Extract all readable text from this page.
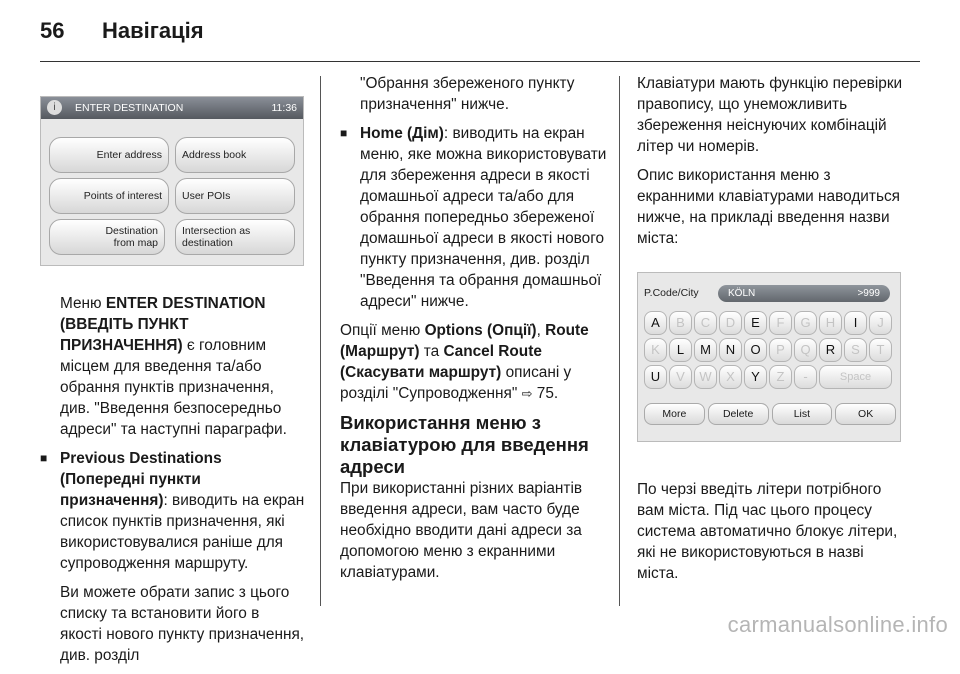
56 Навігація
i	ENTER DESTINATION	11:36
Enter address	Address book
Points of interest	User POIs
Destination from map
Intersection as destination

Меню ENTER DESTINATION (ВВЕДІТЬ ПУНКТ ПРИЗНАЧЕННЯ) є головним місцем для введення та/або обрання пунктів призначення, див. "Введення безпосередньо адреси" та наступні параграфи.

■ Previous Destinations (Попередні пункти призначення): виводить на екран список пунктів призначення, які використовувалися раніше для супроводження маршруту.

Ви можете обрати запис з цього списку та встановити його в якості нового пункту призначення, див. розділ

"Обрання збереженого пункту призначення" нижче.

■ Home (Дім): виводить на екран меню, яке можна використовувати для збереження адреси в якості домашньої адреси та/або для обрання попередньо збереженої домашньої адреси в якості нового пункту призначення, див. розділ "Введення та обрання домашньої адреси" нижче.

Опції меню Options (Опції), Route (Маршрут) та Cancel Route (Скасувати маршрут) описані у розділі "Супроводження" ⇨ 75.

Використання меню з клавіатурою для введення адреси

При використанні різних варіантів введення адреси, вам часто буде необхідно вводити дані адреси за допомогою меню з екранними клавіатурами.

Клавіатури мають функцію перевірки правопису, що унеможливить збереження неіснуючих комбінацій літер чи номерів.

Опис використання меню з екранними клавіатурами наводиться нижче, на прикладі введення назви міста:

P.Code/City	KÖLN	>999
A	B	C	D	E	F	G	H	I	J
K	L	M	N	O	P	Q	R	S	T
U	V	W	X	Y	Z	-	Space
More	Delete	List	OK

По черзі введіть літери потрібного вам міста. Під час цього процесу система автоматично блокує літери, які не використовуються в назві міста.

carmanualsonline.info
